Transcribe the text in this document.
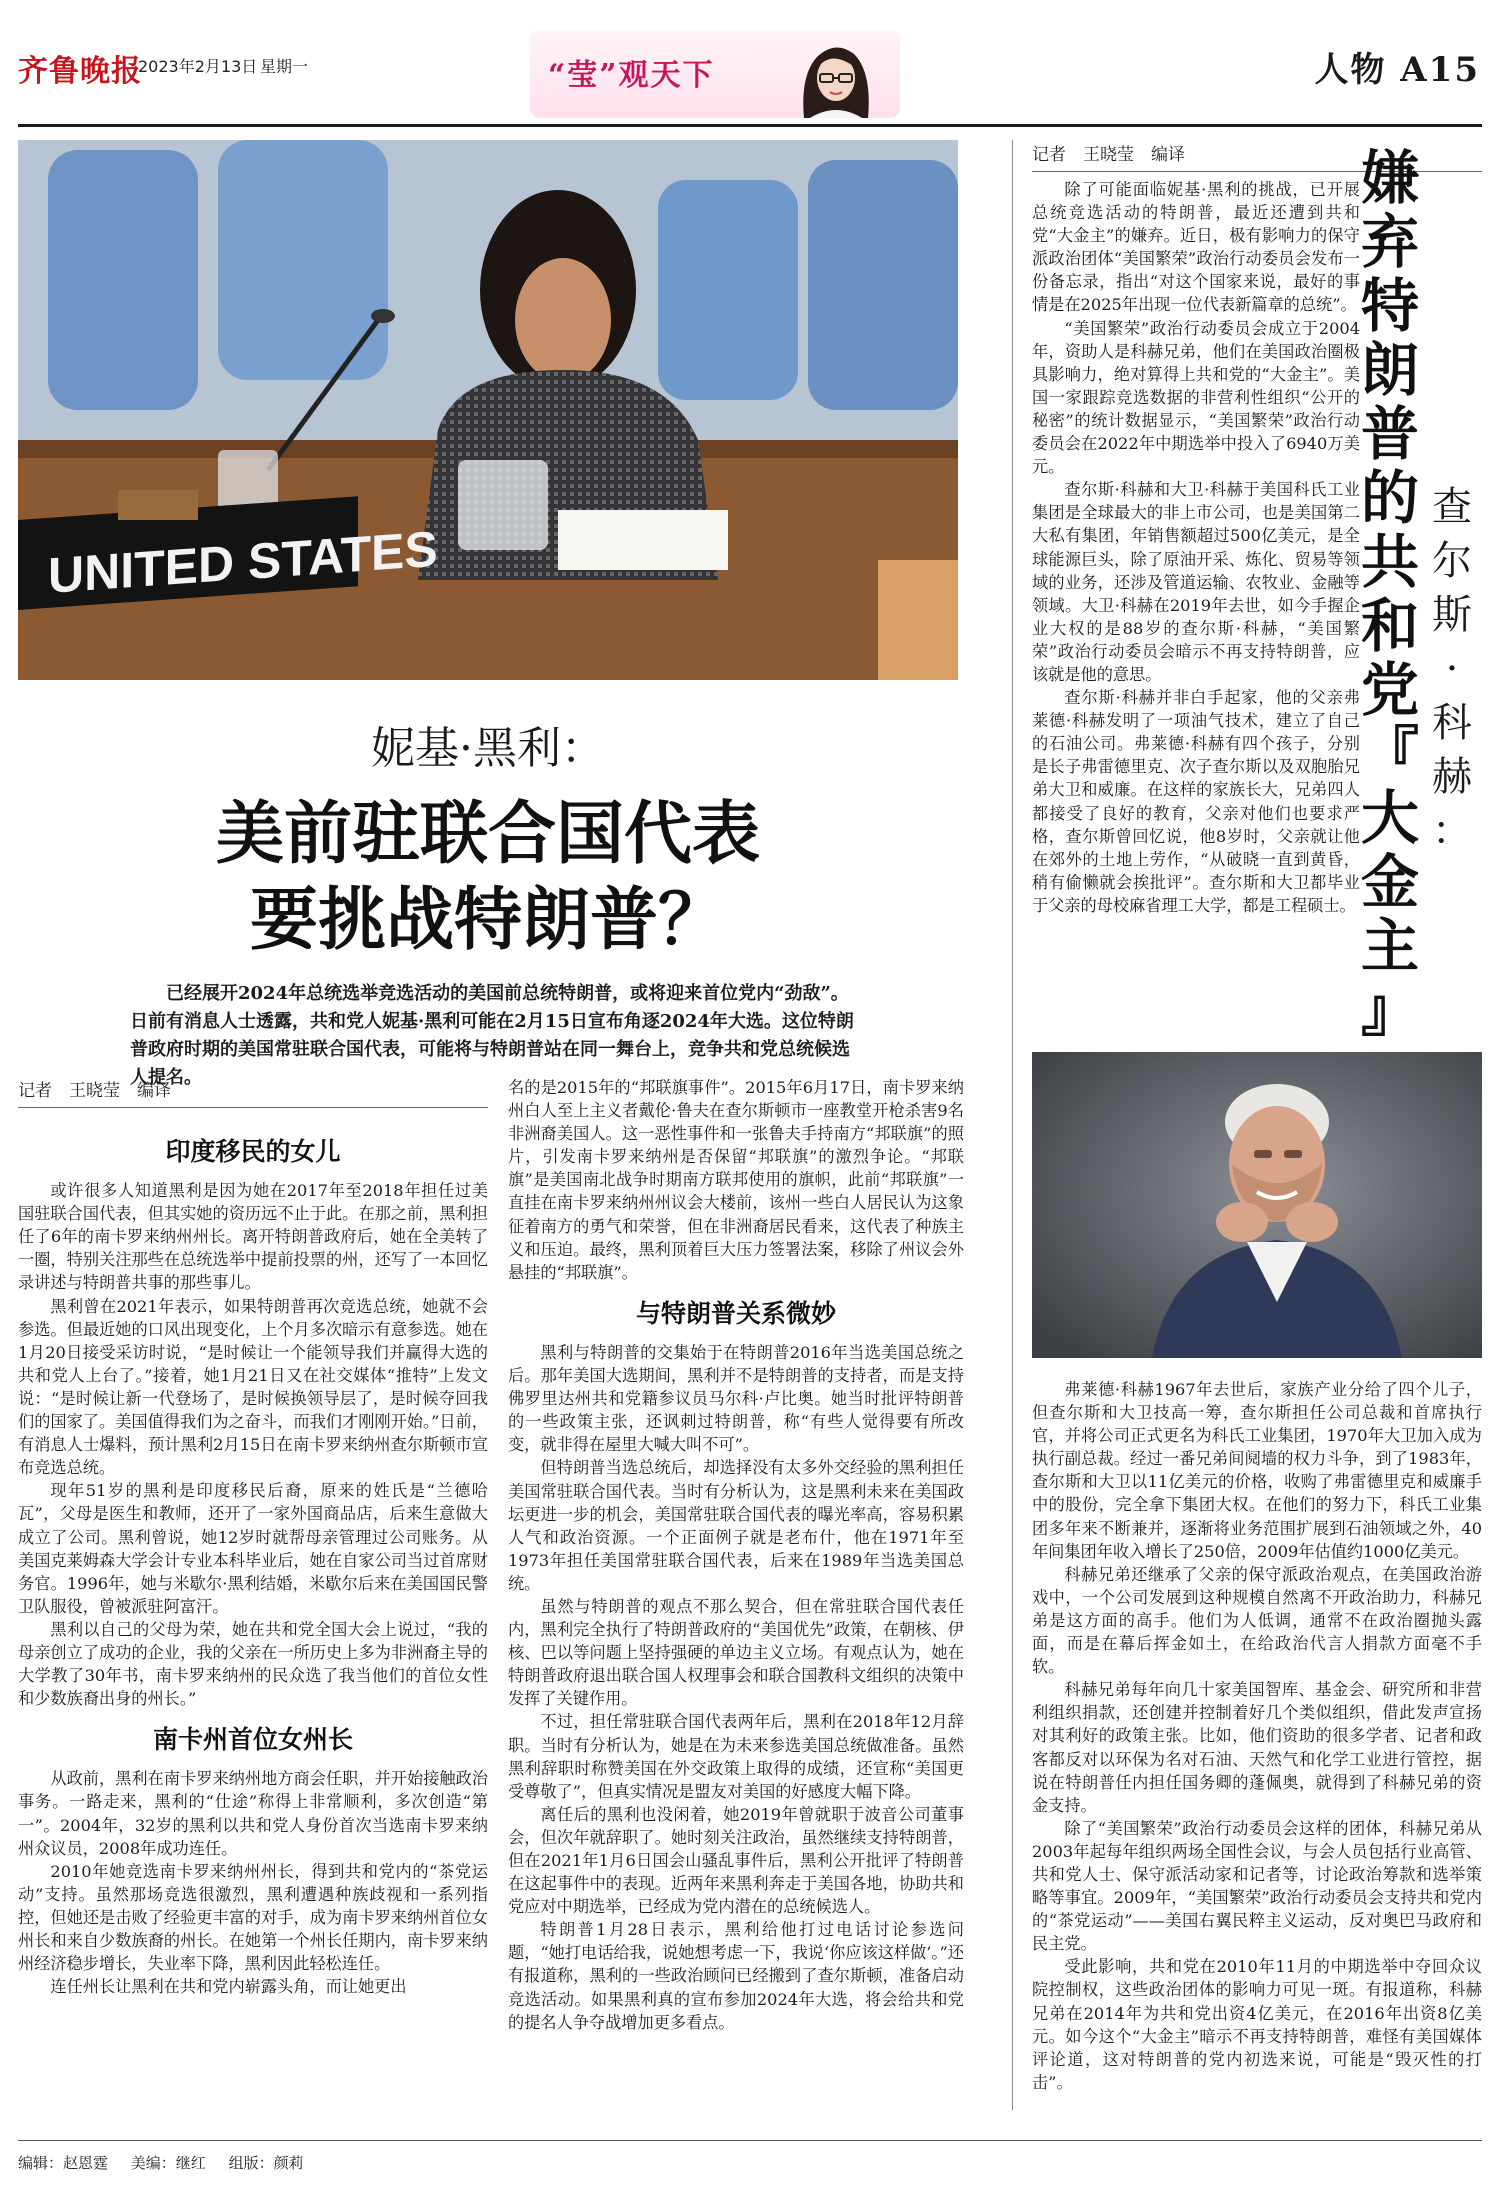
齐鲁晚报
2023年2月13日 星期一	“莹”观天下	人物 A15
UNITED STATES
妮基·黑利：
美前驻联合国代表
要挑战特朗普？
已经展开2024年总统选举竞选活动的美国前总统特朗普，或将迎来首位党内“劲敌”。日前有消息人士透露，共和党人妮基·黑利可能在2月15日宣布角逐2024年大选。这位特朗普政府时期的美国常驻联合国代表，可能将与特朗普站在同一舞台上，竞争共和党总统候选人提名。
记者　王晓莹　编译
印度移民的女儿

或许很多人知道黑利是因为她在2017年至2018年担任过美国驻联合国代表，但其实她的资历远不止于此。在那之前，黑利担任了6年的南卡罗来纳州州长。离开特朗普政府后，她在全美转了一圈，特别关注那些在总统选举中提前投票的州，还写了一本回忆录讲述与特朗普共事的那些事儿。

黑利曾在2021年表示，如果特朗普再次竞选总统，她就不会参选。但最近她的口风出现变化，上个月多次暗示有意参选。她在1月20日接受采访时说，“是时候让一个能领导我们并赢得大选的共和党人上台了。”接着，她1月21日又在社交媒体“推特”上发文说：“是时候让新一代登场了，是时候换领导层了，是时候夺回我们的国家了。美国值得我们为之奋斗，而我们才刚刚开始。”日前，有消息人士爆料，预计黑利2月15日在南卡罗来纳州查尔斯顿市宣布竞选总统。

现年51岁的黑利是印度移民后裔，原来的姓氏是“兰德哈瓦”，父母是医生和教师，还开了一家外国商品店，后来生意做大成立了公司。黑利曾说，她12岁时就帮母亲管理过公司账务。从美国克莱姆森大学会计专业本科毕业后，她在自家公司当过首席财务官。1996年，她与米歇尔·黑利结婚，米歇尔后来在美国国民警卫队服役，曾被派驻阿富汗。

黑利以自己的父母为荣，她在共和党全国大会上说过，“我的母亲创立了成功的企业，我的父亲在一所历史上多为非洲裔主导的大学教了30年书，南卡罗来纳州的民众选了我当他们的首位女性和少数族裔出身的州长。”

南卡州首位女州长

从政前，黑利在南卡罗来纳州地方商会任职，并开始接触政治事务。一路走来，黑利的“仕途”称得上非常顺利，多次创造“第一”。2004年，32岁的黑利以共和党人身份首次当选南卡罗来纳州众议员，2008年成功连任。

2010年她竞选南卡罗来纳州州长，得到共和党内的“茶党运动”支持。虽然那场竞选很激烈，黑利遭遇种族歧视和一系列指控，但她还是击败了经验更丰富的对手，成为南卡罗来纳州首位女州长和来自少数族裔的州长。在她第一个州长任期内，南卡罗来纳州经济稳步增长，失业率下降，黑利因此轻松连任。

连任州长让黑利在共和党内崭露头角，而让她更出

名的是2015年的“邦联旗事件”。2015年6月17日，南卡罗来纳州白人至上主义者戴伦·鲁夫在查尔斯顿市一座教堂开枪杀害9名非洲裔美国人。这一恶性事件和一张鲁夫手持南方“邦联旗”的照片，引发南卡罗来纳州是否保留“邦联旗”的激烈争论。“邦联旗”是美国南北战争时期南方联邦使用的旗帜，此前“邦联旗”一直挂在南卡罗来纳州州议会大楼前，该州一些白人居民认为这象征着南方的勇气和荣誉，但在非洲裔居民看来，这代表了种族主义和压迫。最终，黑利顶着巨大压力签署法案，移除了州议会外悬挂的“邦联旗”。

与特朗普关系微妙

黑利与特朗普的交集始于在特朗普2016年当选美国总统之后。那年美国大选期间，黑利并不是特朗普的支持者，而是支持佛罗里达州共和党籍参议员马尔科·卢比奥。她当时批评特朗普的一些政策主张，还讽刺过特朗普，称“有些人觉得要有所改变，就非得在屋里大喊大叫不可”。

但特朗普当选总统后，却选择没有太多外交经验的黑利担任美国常驻联合国代表。当时有分析认为，这是黑利未来在美国政坛更进一步的机会，美国常驻联合国代表的曝光率高，容易积累人气和政治资源。一个正面例子就是老布什，他在1971年至1973年担任美国常驻联合国代表，后来在1989年当选美国总统。

虽然与特朗普的观点不那么契合，但在常驻联合国代表任内，黑利完全执行了特朗普政府的“美国优先”政策，在朝核、伊核、巴以等问题上坚持强硬的单边主义立场。有观点认为，她在特朗普政府退出联合国人权理事会和联合国教科文组织的决策中发挥了关键作用。

不过，担任常驻联合国代表两年后，黑利在2018年12月辞职。当时有分析认为，她是在为未来参选美国总统做准备。虽然黑利辞职时称赞美国在外交政策上取得的成绩，还宣称“美国更受尊敬了”，但真实情况是盟友对美国的好感度大幅下降。

离任后的黑利也没闲着，她2019年曾就职于波音公司董事会，但次年就辞职了。她时刻关注政治，虽然继续支持特朗普，但在2021年1月6日国会山骚乱事件后，黑利公开批评了特朗普在这起事件中的表现。近两年来黑利奔走于美国各地，协助共和党应对中期选举，已经成为党内潜在的总统候选人。

特朗普1月28日表示，黑利给他打过电话讨论参选问题，“她打电话给我，说她想考虑一下，我说‘你应该这样做’。”还有报道称，黑利的一些政治顾问已经搬到了查尔斯顿，准备启动竞选活动。如果黑利真的宣布参加2024年大选，将会给共和党的提名人争夺战增加更多看点。

记者　王晓莹　编译

除了可能面临妮基·黑利的挑战，已开展总统竞选活动的特朗普，最近还遭到共和党“大金主”的嫌弃。近日，极有影响力的保守派政治团体“美国繁荣”政治行动委员会发布一份备忘录，指出“对这个国家来说，最好的事情是在2025年出现一位代表新篇章的总统”。

“美国繁荣”政治行动委员会成立于2004年，资助人是科赫兄弟，他们在美国政治圈极具影响力，绝对算得上共和党的“大金主”。美国一家跟踪竞选数据的非营利性组织“公开的秘密”的统计数据显示，“美国繁荣”政治行动委员会在2022年中期选举中投入了6940万美元。

查尔斯·科赫和大卫·科赫于美国科氏工业集团是全球最大的非上市公司，也是美国第二大私有集团，年销售额超过500亿美元，是全球能源巨头，除了原油开采、炼化、贸易等领域的业务，还涉及管道运输、农牧业、金融等领域。大卫·科赫在2019年去世，如今手握企业大权的是88岁的查尔斯·科赫，“美国繁荣”政治行动委员会暗示不再支持特朗普，应该就是他的意思。

查尔斯·科赫并非白手起家，他的父亲弗莱德·科赫发明了一项油气技术，建立了自己的石油公司。弗莱德·科赫有四个孩子，分别是长子弗雷德里克、次子查尔斯以及双胞胎兄弟大卫和威廉。在这样的家族长大，兄弟四人都接受了良好的教育，父亲对他们也要求严格，查尔斯曾回忆说，他8岁时，父亲就让他在郊外的土地上劳作，“从破晓一直到黄昏，稍有偷懒就会挨批评”。查尔斯和大卫都毕业于父亲的母校麻省理工大学，都是工程硕士。

嫌
弃
特
朗
普
的
共
和
党
『
大
金
主
』
查
尔
斯
·
科
赫
：

弗莱德·科赫1967年去世后，家族产业分给了四个儿子，但查尔斯和大卫技高一筹，查尔斯担任公司总裁和首席执行官，并将公司正式更名为科氏工业集团，1970年大卫加入成为执行副总裁。经过一番兄弟间阋墙的权力斗争，到了1983年，查尔斯和大卫以11亿美元的价格，收购了弗雷德里克和威廉手中的股份，完全拿下集团大权。在他们的努力下，科氏工业集团多年来不断兼并，逐渐将业务范围扩展到石油领域之外，40年间集团年收入增长了250倍，2009年估值约1000亿美元。

科赫兄弟还继承了父亲的保守派政治观点，在美国政治游戏中，一个公司发展到这种规模自然离不开政治助力，科赫兄弟是这方面的高手。他们为人低调，通常不在政治圈抛头露面，而是在幕后挥金如土，在给政治代言人捐款方面毫不手软。

科赫兄弟每年向几十家美国智库、基金会、研究所和非营利组织捐款，还创建并控制着好几个类似组织，借此发声宣扬对其利好的政策主张。比如，他们资助的很多学者、记者和政客都反对以环保为名对石油、天然气和化学工业进行管控，据说在特朗普任内担任国务卿的蓬佩奥，就得到了科赫兄弟的资金支持。

除了“美国繁荣”政治行动委员会这样的团体，科赫兄弟从2003年起每年组织两场全国性会议，与会人员包括行业高管、共和党人士、保守派活动家和记者等，讨论政治筹款和选举策略等事宜。2009年，“美国繁荣”政治行动委员会支持共和党内的“茶党运动”——美国右翼民粹主义运动，反对奥巴马政府和民主党。

受此影响，共和党在2010年11月的中期选举中夺回众议院控制权，这些政治团体的影响力可见一斑。有报道称，科赫兄弟在2014年为共和党出资4亿美元，在2016年出资8亿美元。如今这个“大金主”暗示不再支持特朗普，难怪有美国媒体评论道，这对特朗普的党内初选来说，可能是“毁灭性的打击”。

编辑：赵恩霆 美编：继红 组版：颜莉
